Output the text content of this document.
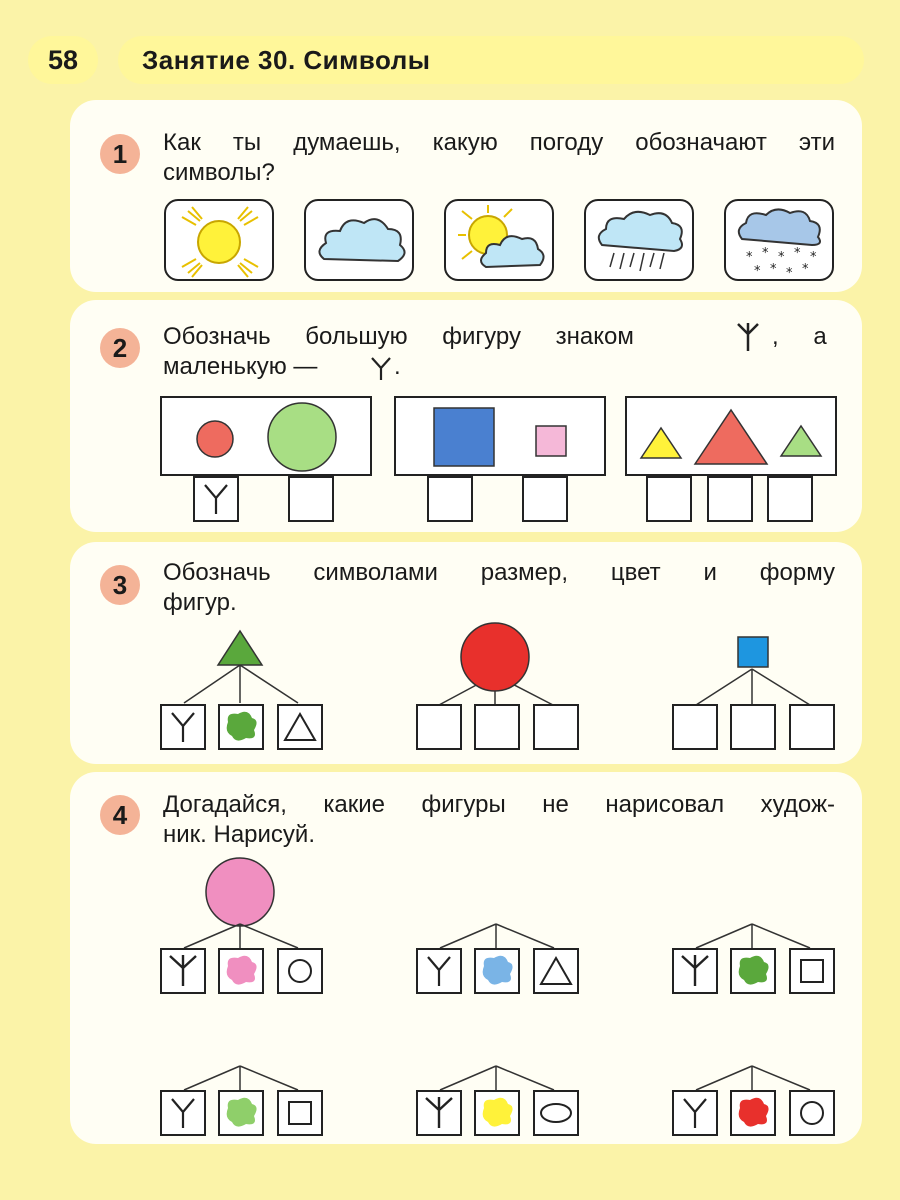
58	Занятие 30. Символы
1	Как ты думаешь, какую погоду обозначают эти
символы?
* * * * *
* * * *
2	Обозначь большую фигуру знаком	, а
маленькую —	.
3	Обозначь символами размер, цвет и форму
фигур.
4	Догадайся, какие фигуры не нарисовал худож-
ник. Нарисуй.
